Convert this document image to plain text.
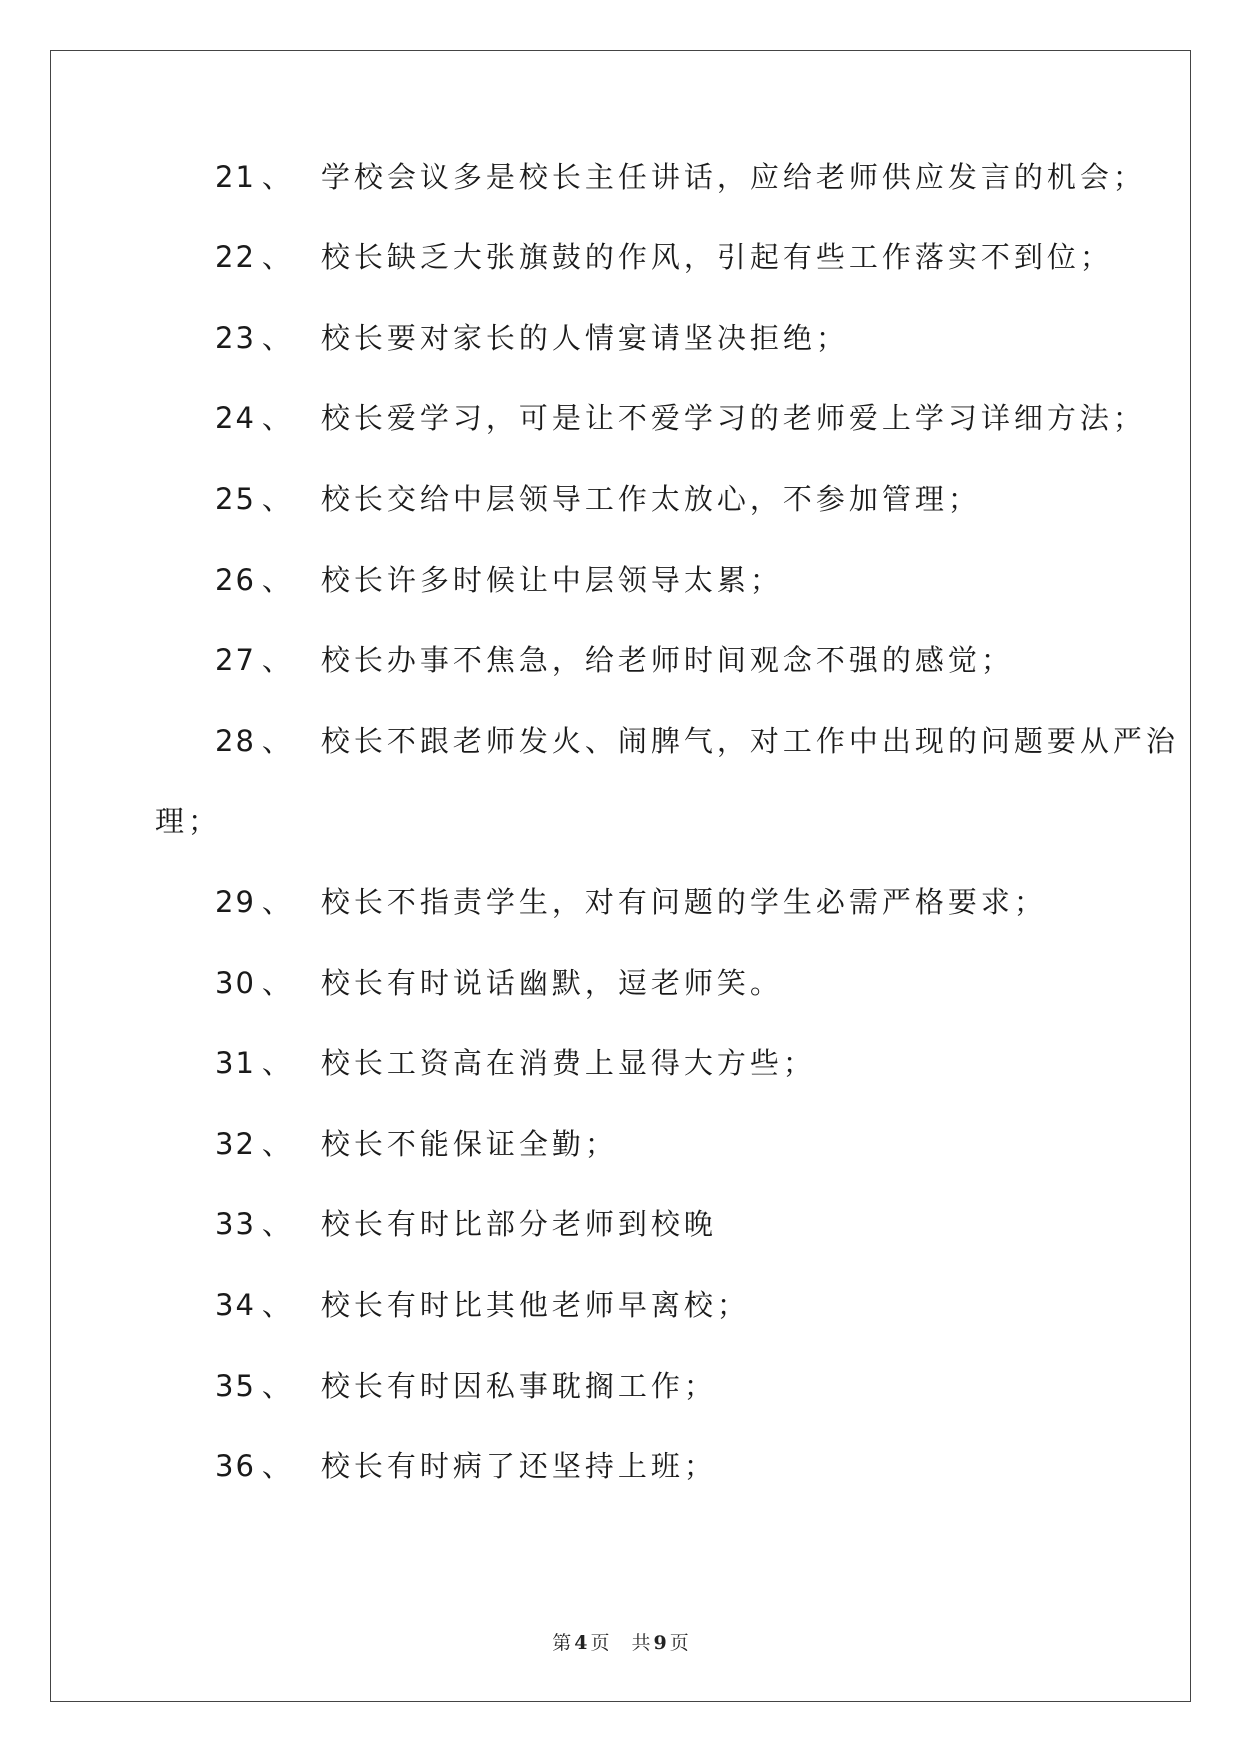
21 、 学校会议多是校长主任讲话，应给老师供应发言的机会；
22 、 校长缺乏大张旗鼓的作风，引起有些工作落实不到位；
23 、 校长要对家长的人情宴请坚决拒绝；
24 、 校长爱学习，可是让不爱学习的老师爱上学习详细方法；
25 、 校长交给中层领导工作太放心，不参加管理；
26 、 校长许多时候让中层领导太累；
27 、 校长办事不焦急，给老师时间观念不强的感觉；
28 、 校长不跟老师发火、闹脾气，对工作中出现的问题要从严治
理；
29 、 校长不指责学生，对有问题的学生必需严格要求；
30 、 校长有时说话幽默，逗老师笑。
31 、 校长工资高在消费上显得大方些；
32 、 校长不能保证全勤；
33 、 校长有时比部分老师到校晚
34 、 校长有时比其他老师早离校；
35 、 校长有时因私事耽搁工作；
36 、 校长有时病了还坚持上班；
第 4 页 共 9 页
